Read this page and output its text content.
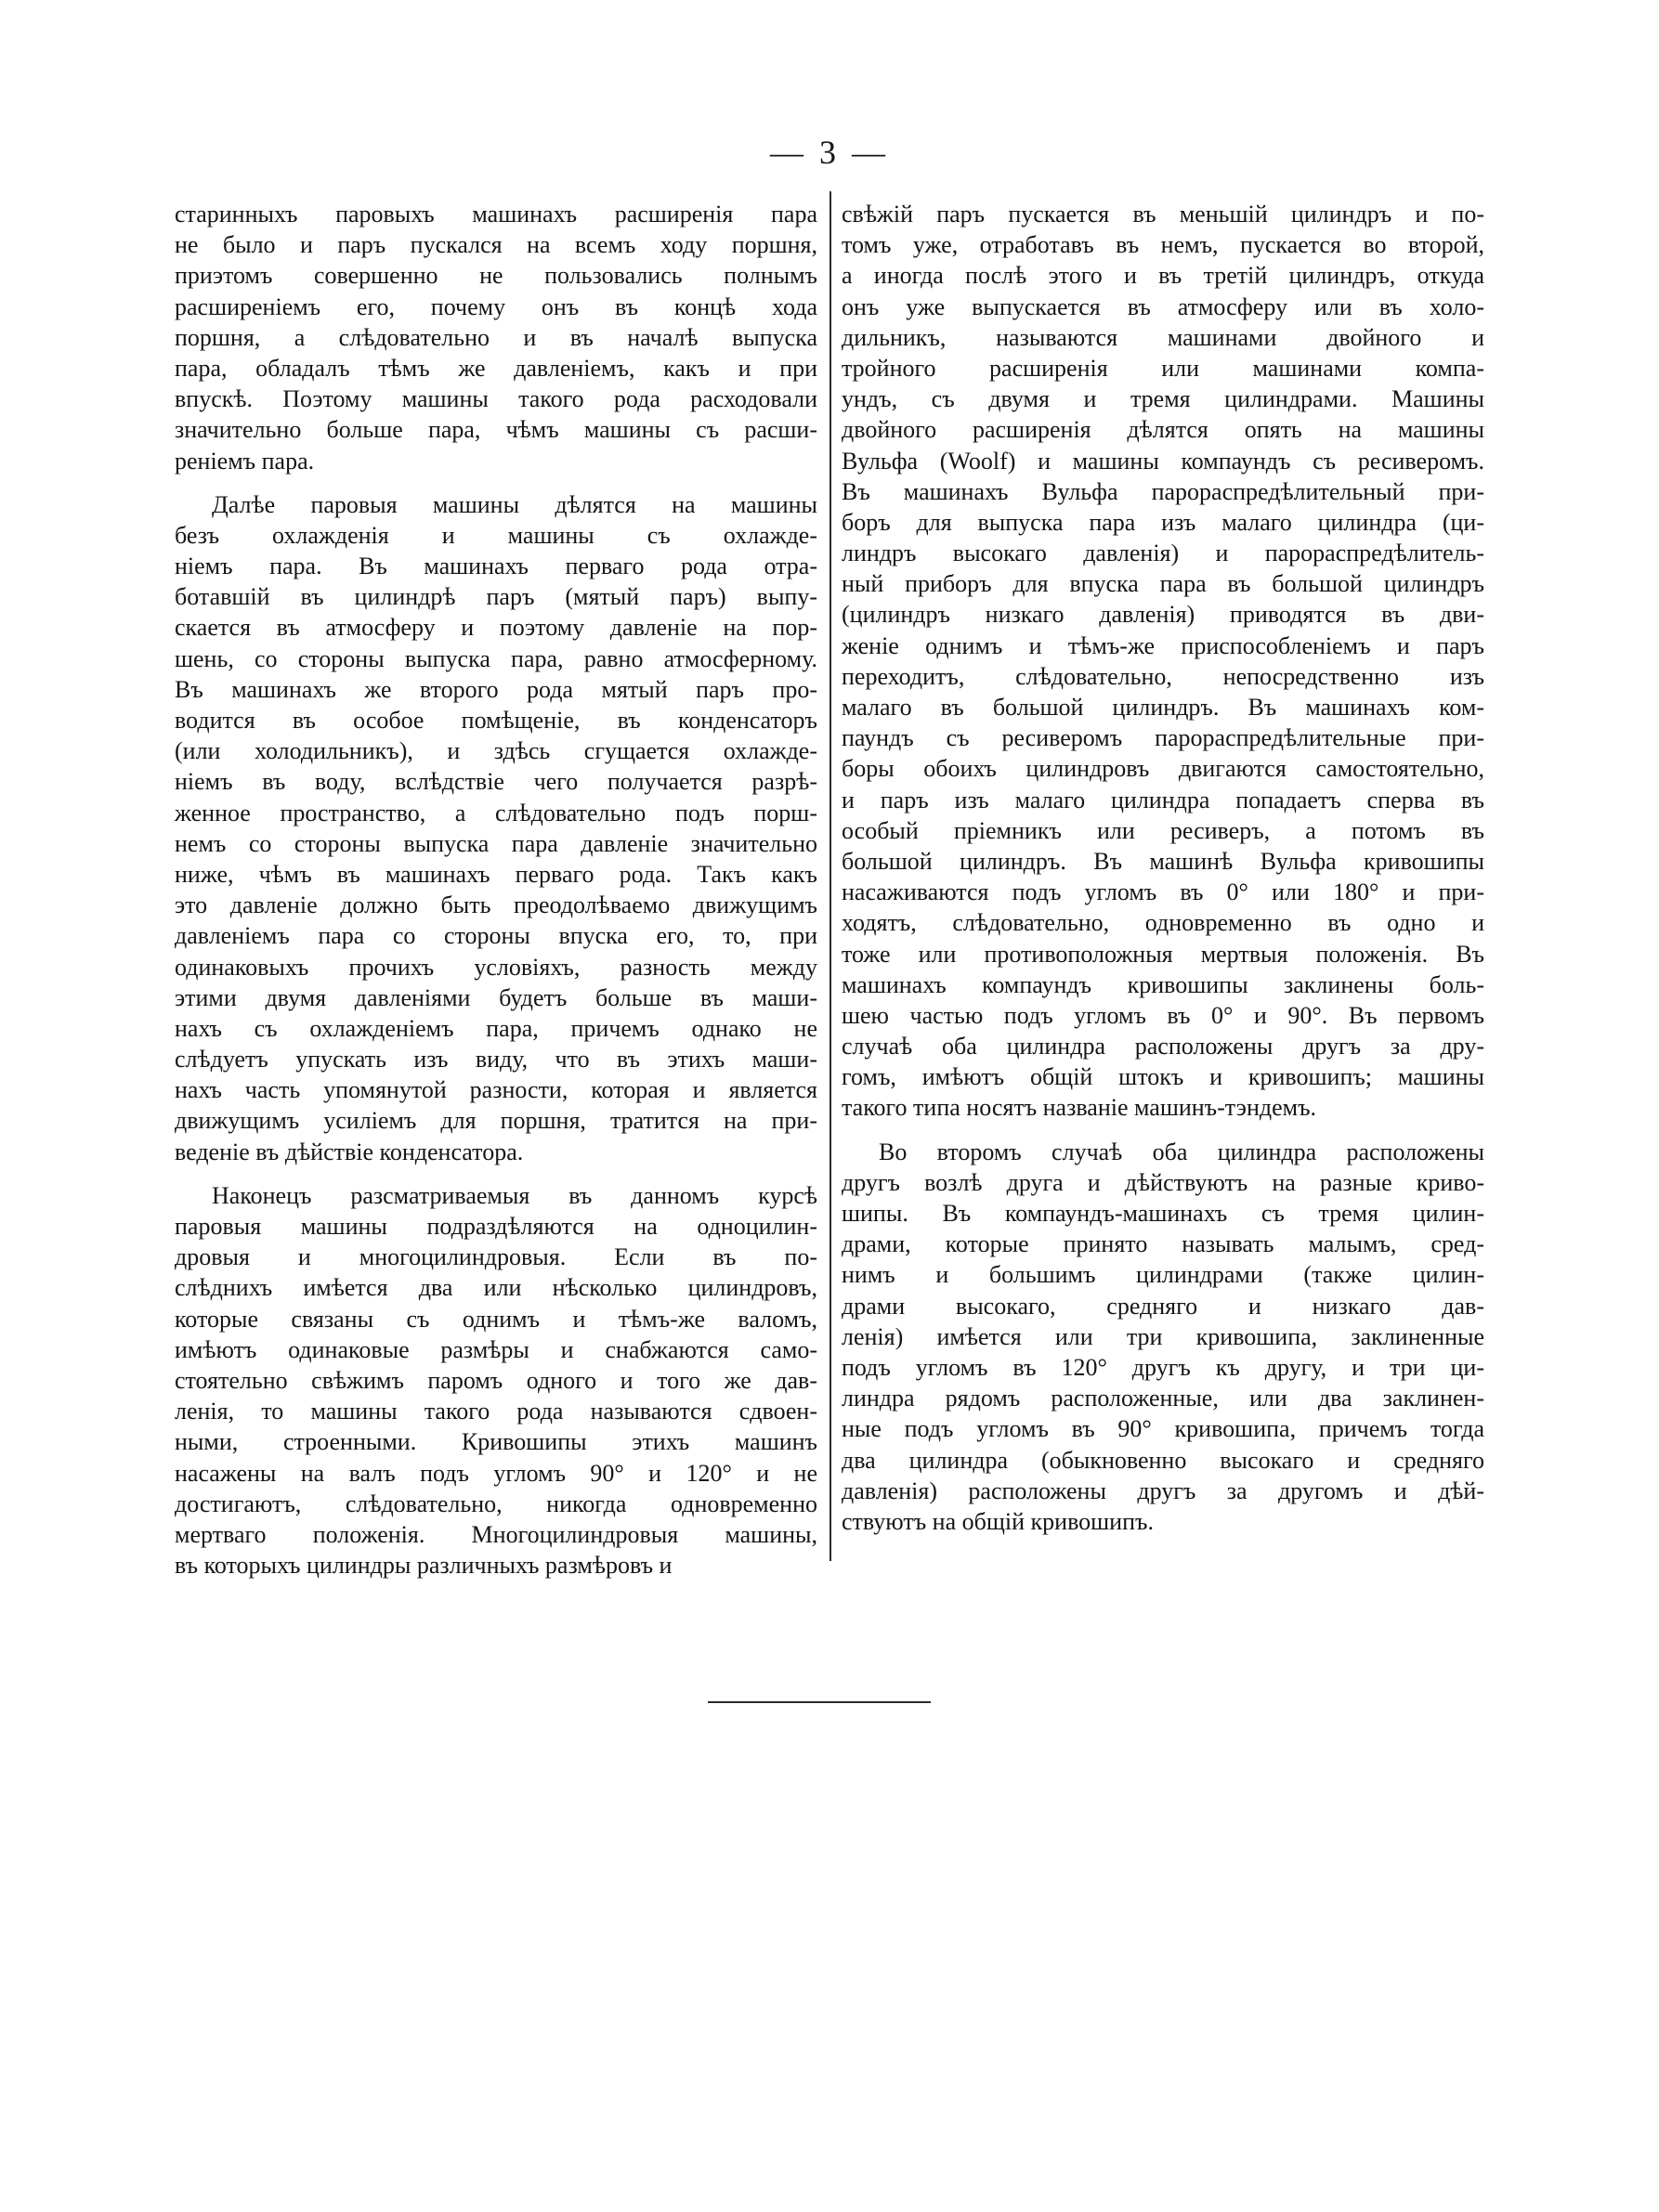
— 3 —
старинныхъ паровыхъ машинахъ расширенія пара
не было и паръ пускался на всемъ ходу поршня,
приэтомъ совершенно не пользовались полнымъ
расширеніемъ его, почему онъ въ концѣ хода
поршня, а слѣдовательно и въ началѣ выпуска
пара, обладалъ тѣмъ же давленіемъ, какъ и при
впускѣ. Поэтому машины такого рода расходовали
значительно больше пара, чѣмъ машины съ расши-
реніемъ пара.
Далѣе паровыя машины дѣлятся на машины
безъ охлажденія и машины съ охлажде-
ніемъ пара. Въ машинахъ перваго рода отра-
ботавшій въ цилиндрѣ паръ (мятый паръ) выпу-
скается въ атмосферу и поэтому давленіе на пор-
шень, со стороны выпуска пара, равно атмосферному.
Въ машинахъ же второго рода мятый паръ про-
водится въ особое помѣщеніе, въ конденсаторъ
(или холодильникъ), и здѣсь сгущается охлажде-
ніемъ въ воду, вслѣдствіе чего получается разрѣ-
женное пространство, а слѣдовательно подъ порш-
немъ со стороны выпуска пара давленіе значительно
ниже, чѣмъ въ машинахъ перваго рода. Такъ какъ
это давленіе должно быть преодолѣваемо движущимъ
давленіемъ пара со стороны впуска его, то, при
одинаковыхъ прочихъ условіяхъ, разность между
этими двумя давленіями будетъ больше въ маши-
нахъ съ охлажденіемъ пара, причемъ однако не
слѣдуетъ упускать изъ виду, что въ этихъ маши-
нахъ часть упомянутой разности, которая и является
движущимъ усиліемъ для поршня, тратится на при-
веденіе въ дѣйствіе конденсатора.
Наконецъ разсматриваемыя въ данномъ курсѣ
паровыя машины подраздѣляются на одноцилин-
дровыя и многоцилиндровыя. Если въ по-
слѣднихъ имѣется два или нѣсколько цилиндровъ,
которые связаны съ однимъ и тѣмъ-же валомъ,
имѣютъ одинаковые размѣры и снабжаются само-
стоятельно свѣжимъ паромъ одного и того же дав-
ленія, то машины такого рода называются сдвоен-
ными, строенными. Кривошипы этихъ машинъ
насажены на валъ подъ угломъ 90° и 120° и не
достигаютъ, слѣдовательно, никогда одновременно
мертваго положенія. Многоцилиндровыя машины,
въ которыхъ цилиндры различныхъ размѣровъ и
свѣжій паръ пускается въ меньшій цилиндръ и по-
томъ уже, отработавъ въ немъ, пускается во второй,
а иногда послѣ этого и въ третій цилиндръ, откуда
онъ уже выпускается въ атмосферу или въ холо-
дильникъ, называются машинами двойного и
тройного расширенія или машинами компа-
ундъ, съ двумя и тремя цилиндрами. Машины
двойного расширенія дѣлятся опять на машины
Вульфа (Woolf) и машины компаундъ съ ресиверомъ.
Въ машинахъ Вульфа парораспредѣлительный при-
боръ для выпуска пара изъ малаго цилиндра (ци-
линдръ высокаго давленія) и парораспредѣлитель-
ный приборъ для впуска пара въ большой цилиндръ
(цилиндръ низкаго давленія) приводятся въ дви-
женіе однимъ и тѣмъ-же приспособленіемъ и паръ
переходитъ, слѣдовательно, непосредственно изъ
малаго въ большой цилиндръ. Въ машинахъ ком-
паундъ съ ресиверомъ парораспредѣлительные при-
боры обоихъ цилиндровъ двигаются самостоятельно,
и паръ изъ малаго цилиндра попадаетъ сперва въ
особый пріемникъ или ресиверъ, а потомъ въ
большой цилиндръ. Въ машинѣ Вульфа кривошипы
насаживаются подъ угломъ въ 0° или 180° и при-
ходятъ, слѣдовательно, одновременно въ одно и
тоже или противоположныя мертвыя положенія. Въ
машинахъ компаундъ кривошипы заклинены боль-
шею частью подъ угломъ въ 0° и 90°. Въ первомъ
случаѣ оба цилиндра расположены другъ за дру-
гомъ, имѣютъ общій штокъ и кривошипъ; машины
такого типа носятъ названіе машинъ-тэндемъ.
Во второмъ случаѣ оба цилиндра расположены
другъ возлѣ друга и дѣйствуютъ на разные криво-
шипы. Въ компаундъ-машинахъ съ тремя цилин-
драми, которые принято называть малымъ, сред-
нимъ и большимъ цилиндрами (также цилин-
драми высокаго, средняго и низкаго дав-
ленія) имѣется или три кривошипа, заклиненные
подъ угломъ въ 120° другъ къ другу, и три ци-
линдра рядомъ расположенные, или два заклинен-
ные подъ угломъ въ 90° кривошипа, причемъ тогда
два цилиндра (обыкновенно высокаго и средняго
давленія) расположены другъ за другомъ и дѣй-
ствуютъ на общій кривошипъ.
